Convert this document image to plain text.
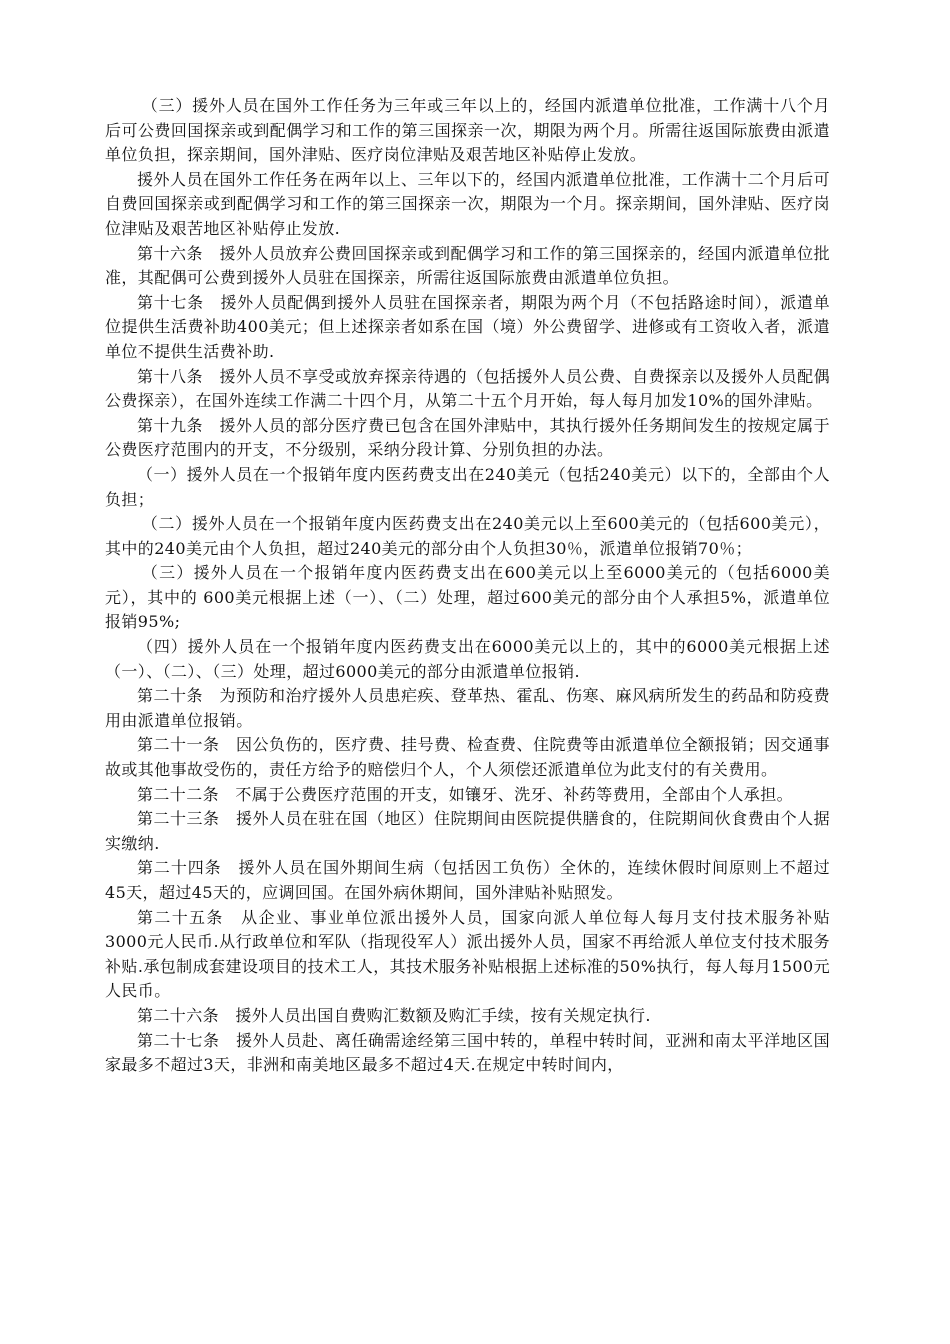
（三）援外人员在国外工作任务为三年或三年以上的，经国内派遣单位批准，工作满十八个月后可公费回国探亲或到配偶学习和工作的第三国探亲一次，期限为两个月。所需往返国际旅费由派遣单位负担，探亲期间，国外津贴、医疗岗位津贴及艰苦地区补贴停止发放。

援外人员在国外工作任务在两年以上、三年以下的，经国内派遣单位批准，工作满十二个月后可自费回国探亲或到配偶学习和工作的第三国探亲一次，期限为一个月。探亲期间，国外津贴、医疗岗位津贴及艰苦地区补贴停止发放.

第十六条　援外人员放弃公费回国探亲或到配偶学习和工作的第三国探亲的，经国内派遣单位批准，其配偶可公费到援外人员驻在国探亲，所需往返国际旅费由派遣单位负担。

第十七条　援外人员配偶到援外人员驻在国探亲者，期限为两个月（不包括路途时间），派遣单位提供生活费补助400美元；但上述探亲者如系在国（境）外公费留学、进修或有工资收入者，派遣单位不提供生活费补助.

第十八条　援外人员不享受或放弃探亲待遇的（包括援外人员公费、自费探亲以及援外人员配偶公费探亲），在国外连续工作满二十四个月，从第二十五个月开始，每人每月加发10%的国外津贴。

第十九条　援外人员的部分医疗费已包含在国外津贴中，其执行援外任务期间发生的按规定属于公费医疗范围内的开支，不分级别，采纳分段计算、分别负担的办法。

（一）援外人员在一个报销年度内医药费支出在240美元（包括240美元）以下的，全部由个人负担；

（二）援外人员在一个报销年度内医药费支出在240美元以上至600美元的（包括600美元），其中的240美元由个人负担，超过240美元的部分由个人负担30％，派遣单位报销70％；

（三）援外人员在一个报销年度内医药费支出在600美元以上至6000美元的（包括6000美元），其中的 600美元根据上述（一）、（二）处理，超过600美元的部分由个人承担5%，派遣单位报销95%;

（四）援外人员在一个报销年度内医药费支出在6000美元以上的，其中的6000美元根据上述（一）、（二）、（三）处理，超过6000美元的部分由派遣单位报销.

第二十条　为预防和治疗援外人员患疟疾、登革热、霍乱、伤寒、麻风病所发生的药品和防疫费用由派遣单位报销。

第二十一条　因公负伤的，医疗费、挂号费、检查费、住院费等由派遣单位全额报销；因交通事故或其他事故受伤的，责任方给予的赔偿归个人，个人须偿还派遣单位为此支付的有关费用。

第二十二条　不属于公费医疗范围的开支，如镶牙、洗牙、补药等费用，全部由个人承担。

第二十三条　援外人员在驻在国（地区）住院期间由医院提供膳食的，住院期间伙食费由个人据实缴纳.

第二十四条　援外人员在国外期间生病（包括因工负伤）全休的，连续休假时间原则上不超过45天，超过45天的，应调回国。在国外病休期间，国外津贴补贴照发。

第二十五条　从企业、事业单位派出援外人员，国家向派人单位每人每月支付技术服务补贴3000元人民币.从行政单位和军队（指现役军人）派出援外人员，国家不再给派人单位支付技术服务补贴.承包制成套建设项目的技术工人，其技术服务补贴根据上述标准的50%执行，每人每月1500元人民币。

第二十六条　援外人员出国自费购汇数额及购汇手续，按有关规定执行.

第二十七条　援外人员赴、离任确需途经第三国中转的，单程中转时间，亚洲和南太平洋地区国家最多不超过3天，非洲和南美地区最多不超过4天.在规定中转时间内，
